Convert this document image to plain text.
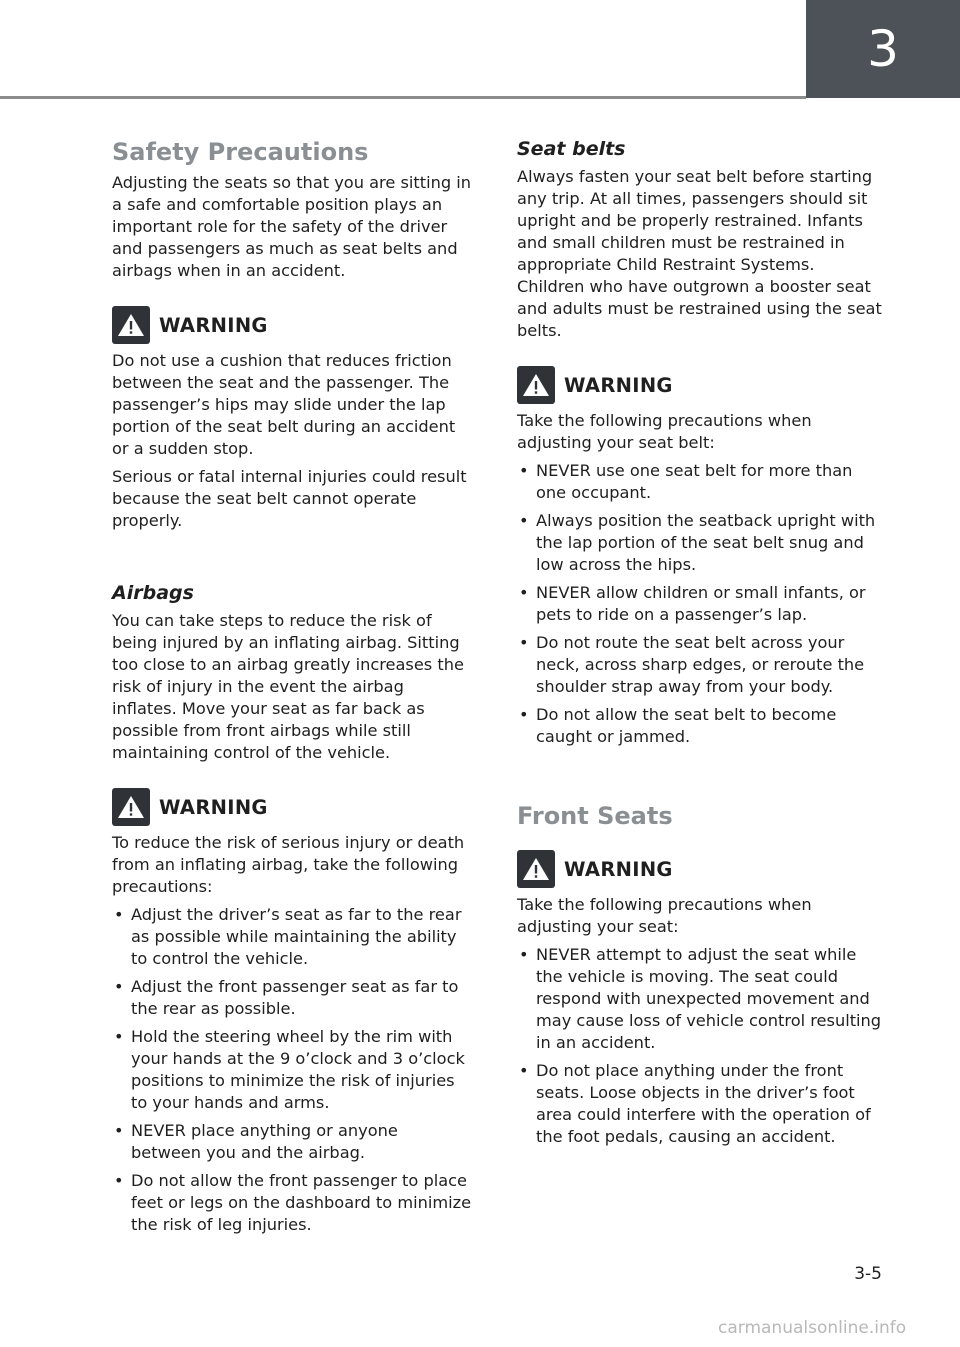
3
Safety Precautions

Adjusting the seats so that you are sitting in a safe and comfortable position plays an important role for the safety of the driver and passengers as much as seat belts and airbags when in an accident.

WARNING

Do not use a cushion that reduces friction between the seat and the passenger. The passenger’s hips may slide under the lap portion of the seat belt during an accident or a sudden stop.

Serious or fatal internal injuries could result because the seat belt cannot operate properly.

Airbags

You can take steps to reduce the risk of being injured by an inflating airbag. Sitting too close to an airbag greatly increases the risk of injury in the event the airbag inflates. Move your seat as far back as possible from front airbags while still maintaining control of the vehicle.

WARNING

To reduce the risk of serious injury or death from an inflating airbag, take the following precautions:

• Adjust the driver’s seat as far to the rear as possible while maintaining the ability to control the vehicle.
• Adjust the front passenger seat as far to the rear as possible.
• Hold the steering wheel by the rim with your hands at the 9 o’clock and 3 o’clock positions to minimize the risk of injuries to your hands and arms.
• NEVER place anything or anyone between you and the airbag.
• Do not allow the front passenger to place feet or legs on the dashboard to minimize the risk of leg injuries.
Seat belts

Always fasten your seat belt before starting any trip. At all times, passengers should sit upright and be properly restrained. Infants and small children must be restrained in appropriate Child Restraint Systems. Children who have outgrown a booster seat and adults must be restrained using the seat belts.

WARNING

Take the following precautions when adjusting your seat belt:

• NEVER use one seat belt for more than one occupant.
• Always position the seatback upright with the lap portion of the seat belt snug and low across the hips.
• NEVER allow children or small infants, or pets to ride on a passenger’s lap.
• Do not route the seat belt across your neck, across sharp edges, or reroute the shoulder strap away from your body.
• Do not allow the seat belt to become caught or jammed.
Front Seats
WARNING

Take the following precautions when adjusting your seat:

• NEVER attempt to adjust the seat while the vehicle is moving. The seat could respond with unexpected movement and may cause loss of vehicle control resulting in an accident.
• Do not place anything under the front seats. Loose objects in the driver’s foot area could interfere with the operation of the foot pedals, causing an accident.
3-5
carmanualsonline.info
